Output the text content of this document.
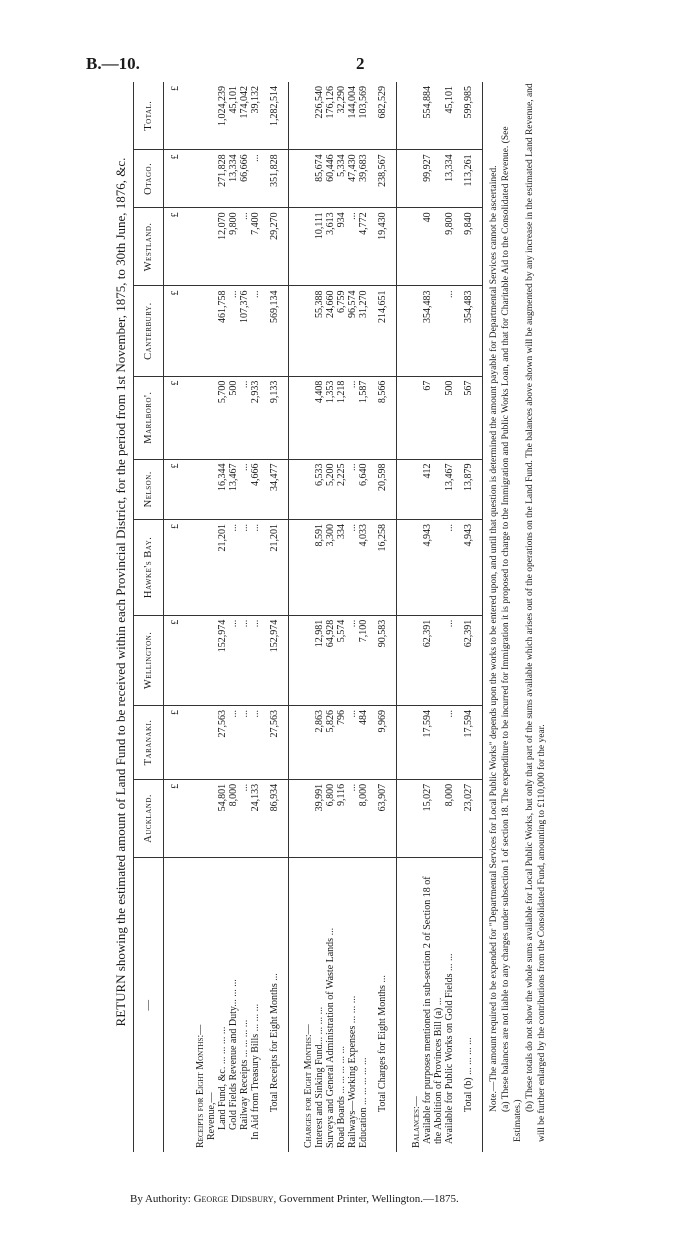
B.—10.	2
RETURN showing the estimated amount of Land Fund to be received within each Provincial District, for the period from 1st November, 1875, to 30th June, 1876, &c. —	Auckland.	Taranaki.	Wellington.	Hawke's Bay.	Nelson.	Marlboro'.	Canterbury.	Westland.	Otago.	Total.
	£	£	£	£	£	£	£	£	£	£
Receipts for Eight Months:—										
Revenue,—										
Land Fund, &c. ... ... ... ...	54,801	27,563	152,974	21,201	16,344	5,700	461,758	12,070	271,828	1,024,239
Gold Fields Revenue and Duty... ... ...	8,000	...	...	...	13,467	500	...	9,800	13,334	45,101
Railway Receipts ... ... ... ...	...	...	...	...	...	...	107,376	...	66,666	174,042
In Aid from Treasury Bills ... ... ...	24,133	...	...	...	4,666	2,933	...	7,400	...	39,132
Total Receipts for Eight Months ...	86,934	27,563	152,974	21,201	34,477	9,133	569,134	29,270	351,828	1,282,514
Charges for Eight Months:—										
Interest and Sinking Fund... ... ... ...	39,991	2,863	12,981	8,591	6,533	4,408	55,388	10,111	85,674	226,540
Surveys and General Administration of Waste Lands ...	6,800	5,826	64,928	3,300	5,200	1,353	24,660	3,613	60,446	176,126
Road Boards ... ... ... ... ...	9,116	796	5,574	334	2,225	1,218	6,759	934	5,334	32,290
Railways—Working Expenses ... ... ...	...	...	...	...	...	...	96,574	...	47,430	144,004
Education ... ... ... ... ...	8,000	484	7,100	4,033	6,640	1,587	31,270	4,772	39,683	103,569
Total Charges for Eight Months ...	63,907	9,969	90,583	16,258	20,598	8,566	214,651	19,430	238,567	682,529
Balances:—										
Available for purposes mentioned in sub-section 2 of Section 18 of the Abolition of Provinces Bill (a) ...	15,027	17,594	62,391	4,943	412	67	354,483	40	99,927	554,884
Available for Public Works on Gold Fields ... ...	8,000	...	...	...	13,467	500	...	9,800	13,334	45,101
Total (b) ... ... ... ...	23,027	17,594	62,391	4,943	13,879	567	354,483	9,840	113,261	599,985
Note.—The amount required to be expended for "Departmental Services for Local Public Works" depends upon the works to be entered upon, and until that question is determined the amount payable for Departmental Services cannot be ascertained. (a) These balances are not liable to any charges under subsection 1 of section 18. The expenditure to be incurred for Immigration it is proposed to charge to the Immigration and Public Works Loan, and that for Charitable Aid to the Consolidated Revenue. (See Estimates.)
(b) These totals do not show the whole sums available for Local Public Works, but only that part of the sums available which arises out of the operations on the Land Fund. The balances above shown will be augmented by any increase in the estimated Land Revenue, and will be further enlarged by the contributions from the Consolidated Fund, amounting to £110,000 for the year.
By Authority: George Didsbury, Government Printer, Wellington.—1875.
